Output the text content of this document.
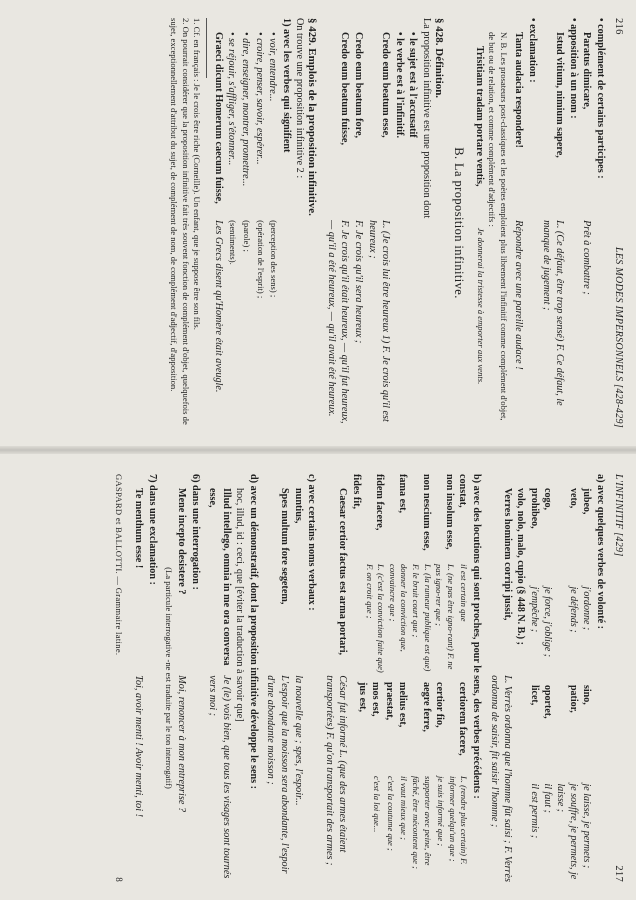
216
LES MODES IMPERSONNELS [428-429]

• complément de certains participes :

Paratus dimicare,
Prêt à combattre ;

• apposition à un nom :

Istud vitium, nimium sapere,
L. (Ce défaut, être trop sensé) F. Ce défaut, le manque de jugement ;

• exclamation :

Tanta audacia respondere!
Répondre avec une pareille audace !

N. B. Les prosateurs post-classiques et les poètes emploient plus librement l'infinitif comme complément d'objet, de but ou de relation, et comme complément d'adjectifs :

Trisitiam tradam portare ventis,
Je donnerai la tristesse à emporter aux vents.

B. La proposition infinitive.

§ 428. Définition.

La proposition infinitive est une proposition dont

• le sujet est à l'accusatif

• le verbe est à l'infinitif.

Credo eum beatum esse,
L. (Je crois lui être heureux 1) F. Je crois qu'il est heureux ;
Credo eum beatum fore,
F. Je crois qu'il sera heureux ;
Credo eum beatum fuisse,
F. Je crois qu'il était heureux, — qu'il fut heureux, — qu'il a été heureux, — qu'il avait été heureux.

§ 429. Emplois de la proposition infinitive.

On trouve une proposition infinitive 2 :

1) avec les verbes qui signifient

• voir, entendre...
(perception des sens) ;
• croire, penser, savoir, espérer...
(opération de l'esprit) ;
• dire, enseigner, montrer, promettre...
(parole) ;
• se réjouir, s'affliger, s'étonner...
(sentiments).
Graeci dicunt Homerum caecum fuisse,
Les Grecs disent qu'Homère était aveugle.

1. Cf. en français : Je le crois être riche (Corneille). Un enfant, que je suppose être son fils.

2. On pourrait considérer que la proposition infinitive fait très souvent fonction de complément d'objet, quelquefois de sujet, exceptionnellement d'attribut du sujet, de complément de nom, de complément d'adjectif, d'apposition.

L'INFINITIF [429]
217

a) avec quelques verbes de volonté :

jubeo,
j'ordonne ;
sino,
je laisse, je permets ;
veto,
je défends ;
patior,
je souffre, je permets, je laisse ;
cogo,
je force, j'oblige ;
oportet,
il faut ;
prohibeo,
j'empêche ;
licet,
il est permis ;
volo, nolo, malo, cupio (§ 448 N. B.) ;
Verres hominem corripi jussit,
L. Verrès ordonna que l'homme fût saisi ; F. Verrès ordonna de saisir, fit saisir l'homme ;

b) avec des locutions qui sont proches, pour le sens, des verbes précédents :

constat,
il est certain que
non insolum esse,
L. (ne pas être igno-rant) F. ne pas igno-rer que ;
non nescium esse,
L. (la rumeur publique est que) F. le bruit court que ;
fama est,
donner la conviction que, convaincre que ;
fidem facere,
L. (c'est la conviction faite que) F. on croit que ;
fides fit,
certiorem facere,
L. (rendre plus certain) F. informer quelqu'un que ;
certior fio,
je suis informé que ;
aegre ferre,
supporter avec peine, être fâché, être mécontent que ;
melius est,
il vaut mieux que ;
praestat,
c'est la coutume que ;
mos est,
c'est la loi que...
jus est,
Caesar certior factus est arma portari,
César fut informé L. (que des armes étaient transportées) F. qu'on transportait des armes ;

c) avec certains noms verbaux :

nuntius,
la nouvelle que ; spes, l'espoir...
Spes multum fore segetem,
L'espoir que la moisson sera abondante, l'espoir d'une abondante moisson ;

d) avec un démonstratif, dont la proposition infinitive développe le sens :

hoc, illud, id : ceci, que [éviter la traduction à savoir que]

Illud intellego, omnia in me ora conversa esse,
Je (le) vois bien, que tous les visages sont tournés vers moi ;

6) dans une interrogation :

Mene incepto desistere ?
Moi, renoncer à mon entreprise ?

(La particule interrogative -ne est traduite par le ton interrogatif)

7) dans une exclamation :

Te menthum esse !
Toi, avoir menti ! Avoir menti, toi !
GASPARD et BALLOTTI. — Grammaire latine.
8
